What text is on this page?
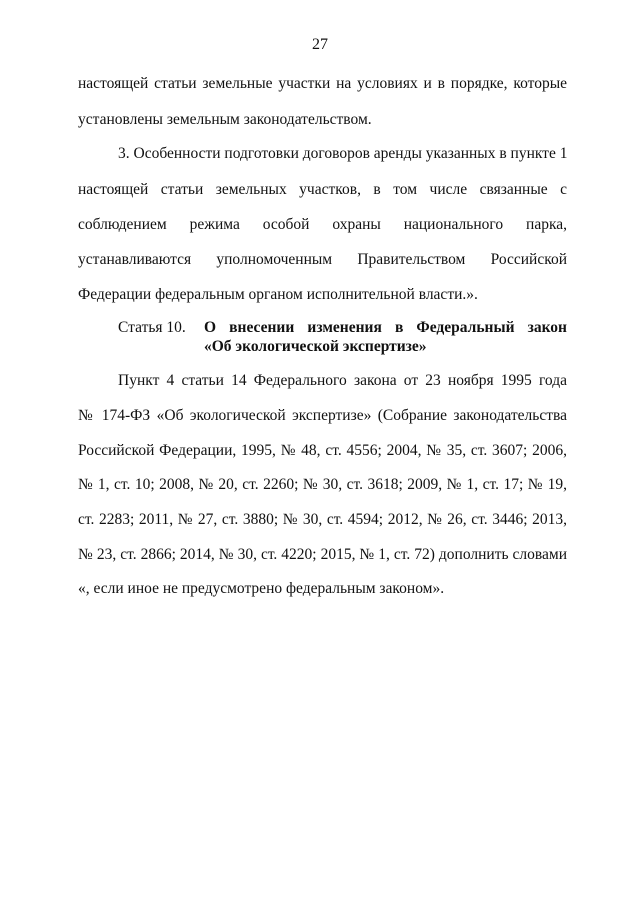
27
настоящей статьи земельные участки на условиях и в порядке, которые
установлены земельным законодательством.
3. Особенности подготовки договоров аренды указанных в пункте 1
настоящей статьи земельных участков, в том числе связанные с
соблюдением режима особой охраны национального парка,
устанавливаются уполномоченным Правительством Российской
Федерации федеральным органом исполнительной власти.».
Статья 10. О внесении изменения в Федеральный закон
«Об экологической экспертизе»
Пункт 4 статьи 14 Федерального закона от 23 ноября 1995 года
№ 174-ФЗ «Об экологической экспертизе» (Собрание законодательства
Российской Федерации, 1995, № 48, ст. 4556; 2004, № 35, ст. 3607; 2006,
№ 1, ст. 10; 2008, № 20, ст. 2260; № 30, ст. 3618; 2009, № 1, ст. 17; № 19,
ст. 2283; 2011, № 27, ст. 3880; № 30, ст. 4594; 2012, № 26, ст. 3446; 2013,
№ 23, ст. 2866; 2014, № 30, ст. 4220; 2015, № 1, ст. 72) дополнить словами
«, если иное не предусмотрено федеральным законом».
